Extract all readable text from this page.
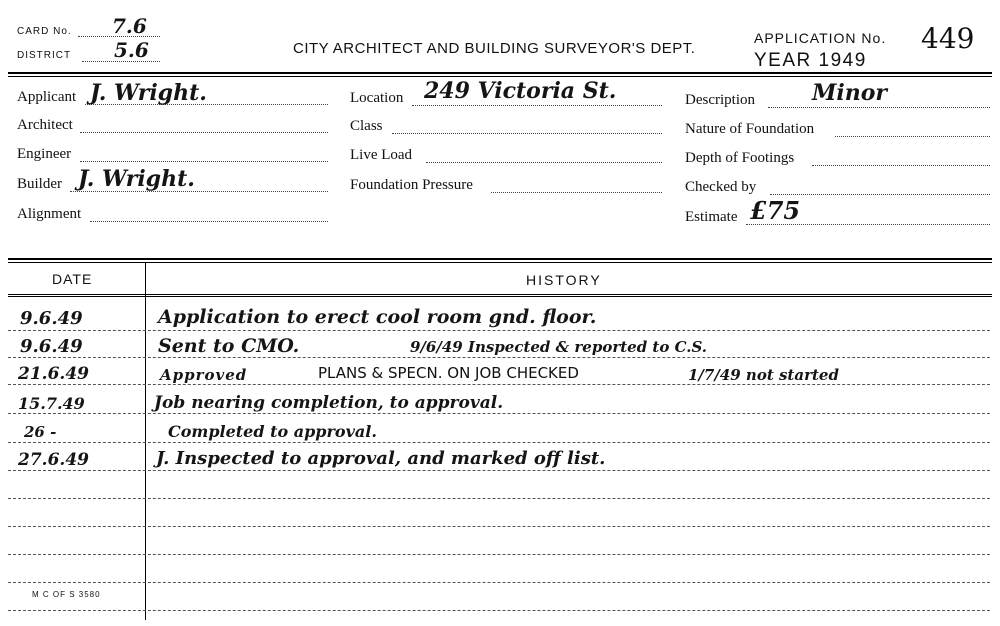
CARD No. 7.6
DISTRICT 5.6	CITY ARCHITECT AND BUILDING SURVEYOR'S DEPT.
APPLICATION No. 449
YEAR 1949
Applicant J. Wright.
Architect
Engineer
Builder J. Wright.
Alignment
Location 249 Victoria St.
Class
Live Load
Foundation Pressure
Description	Minor
Nature of Foundation
Depth of Footings
Checked by
Estimate £75
DATE	HISTORY
9.6.49	Application to erect cool room gnd. floor.
9.6.49	Sent to CMO.	9/6/49 Inspected & reported to C.S.
21.6.49	Approved	PLANS & SPECN. ON JOB CHECKED	1/7/49 not started
15.7.49	Job nearing completion, to approval.
26 -	Completed to approval.
27.6.49	J. Inspected to approval, and marked off list.
M C OF S 3580
